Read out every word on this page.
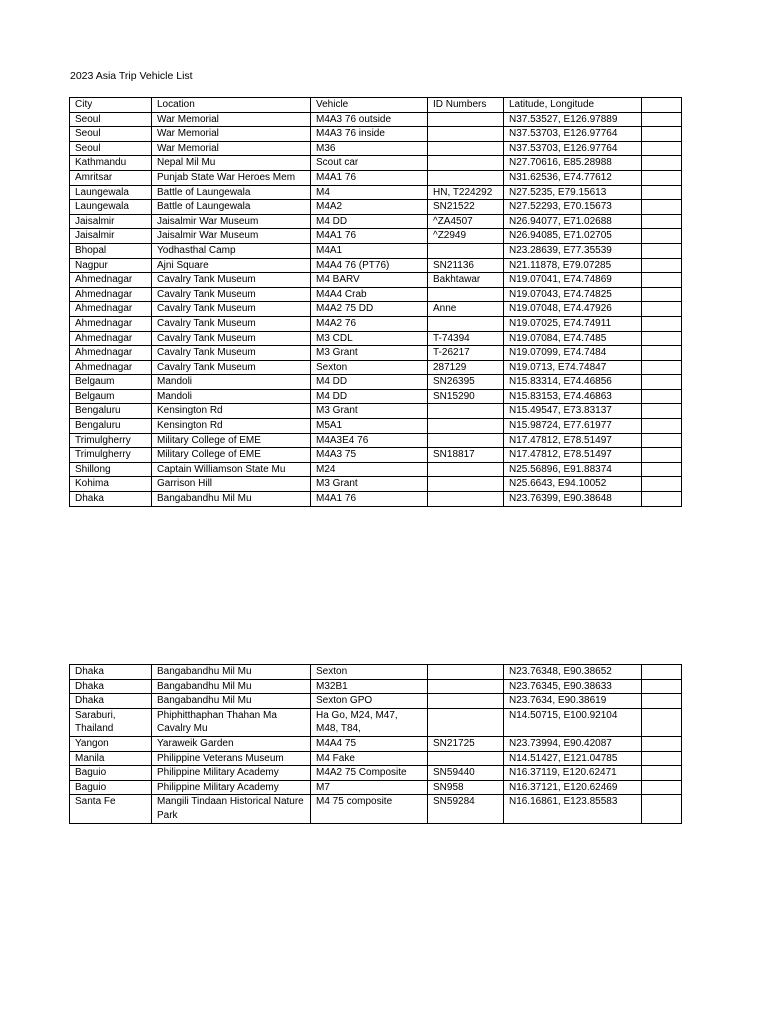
2023 Asia Trip Vehicle List
City	Location	Vehicle	ID Numbers	Latitude, Longitude	
Seoul	War Memorial	M4A3 76 outside		N37.53527, E126.97889	
Seoul	War Memorial	M4A3 76 inside		N37.53703, E126.97764	
Seoul	War Memorial	M36		N37.53703, E126.97764	
Kathmandu	Nepal Mil Mu	Scout car		N27.70616, E85.28988	
Amritsar	Punjab State War Heroes Mem	M4A1 76		N31.62536, E74.77612	
Laungewala	Battle of Laungewala	M4	HN, T224292	N27.5235, E79.15613	
Laungewala	Battle of Laungewala	M4A2	SN21522	N27.52293, E70.15673	
Jaisalmir	Jaisalmir War Museum	M4 DD	^ZA4507	N26.94077, E71.02688	
Jaisalmir	Jaisalmir War Museum	M4A1 76	^Z2949	N26.94085, E71.02705	
Bhopal	Yodhasthal Camp	M4A1		N23.28639, E77.35539	
Nagpur	Ajni Square	M4A4 76 (PT76)	SN21136	N21.11878, E79.07285	
Ahmednagar	Cavalry Tank Museum	M4 BARV	Bakhtawar	N19.07041, E74.74869	
Ahmednagar	Cavalry Tank Museum	M4A4 Crab		N19.07043, E74.74825	
Ahmednagar	Cavalry Tank Museum	M4A2 75 DD	Anne	N19.07048, E74.47926	
Ahmednagar	Cavalry Tank Museum	M4A2 76		N19.07025, E74.74911	
Ahmednagar	Cavalry Tank Museum	M3 CDL	T-74394	N19.07084, E74.7485	
Ahmednagar	Cavalry Tank Museum	M3 Grant	T-26217	N19.07099, E74.7484	
Ahmednagar	Cavalry Tank Museum	Sexton	287129	N19.0713, E74.74847	
Belgaum	Mandoli	M4 DD	SN26395	N15.83314, E74.46856	
Belgaum	Mandoli	M4 DD	SN15290	N15.83153, E74.46863	
Bengaluru	Kensington Rd	M3 Grant		N15.49547, E73.83137	
Bengaluru	Kensington Rd	M5A1		N15.98724, E77.61977	
Trimulgherry	Military College of EME	M4A3E4 76		N17.47812, E78.51497	
Trimulgherry	Military College of EME	M4A3 75	SN18817	N17.47812, E78.51497	
Shillong	Captain Williamson State Mu	M24		N25.56896, E91.88374	
Kohima	Garrison Hill	M3 Grant		N25.6643, E94.10052	
Dhaka	Bangabandhu Mil Mu	M4A1 76		N23.76399, E90.38648	
Dhaka	Bangabandhu Mil Mu	Sexton		N23.76348, E90.38652	
Dhaka	Bangabandhu Mil Mu	M32B1		N23.76345, E90.38633	
Dhaka	Bangabandhu Mil Mu	Sexton GPO		N23.7634, E90.38619	
Saraburi, Thailand	Phiphitthaphan Thahan Ma Cavalry Mu	Ha Go, M24, M47, M48, T84,		N14.50715, E100.92104	
Yangon	Yaraweik Garden	M4A4 75	SN21725	N23.73994, E90.42087	
Manila	Philippine Veterans Museum	M4 Fake		N14.51427, E121.04785	
Baguio	Philippine Military Academy	M4A2 75 Composite	SN59440	N16.37119, E120.62471	
Baguio	Philippine Military Academy	M7	SN958	N16.37121, E120.62469	
Santa Fe	Mangili Tindaan Historical Nature Park	M4 75 composite	SN59284	N16.16861, E123.85583	
